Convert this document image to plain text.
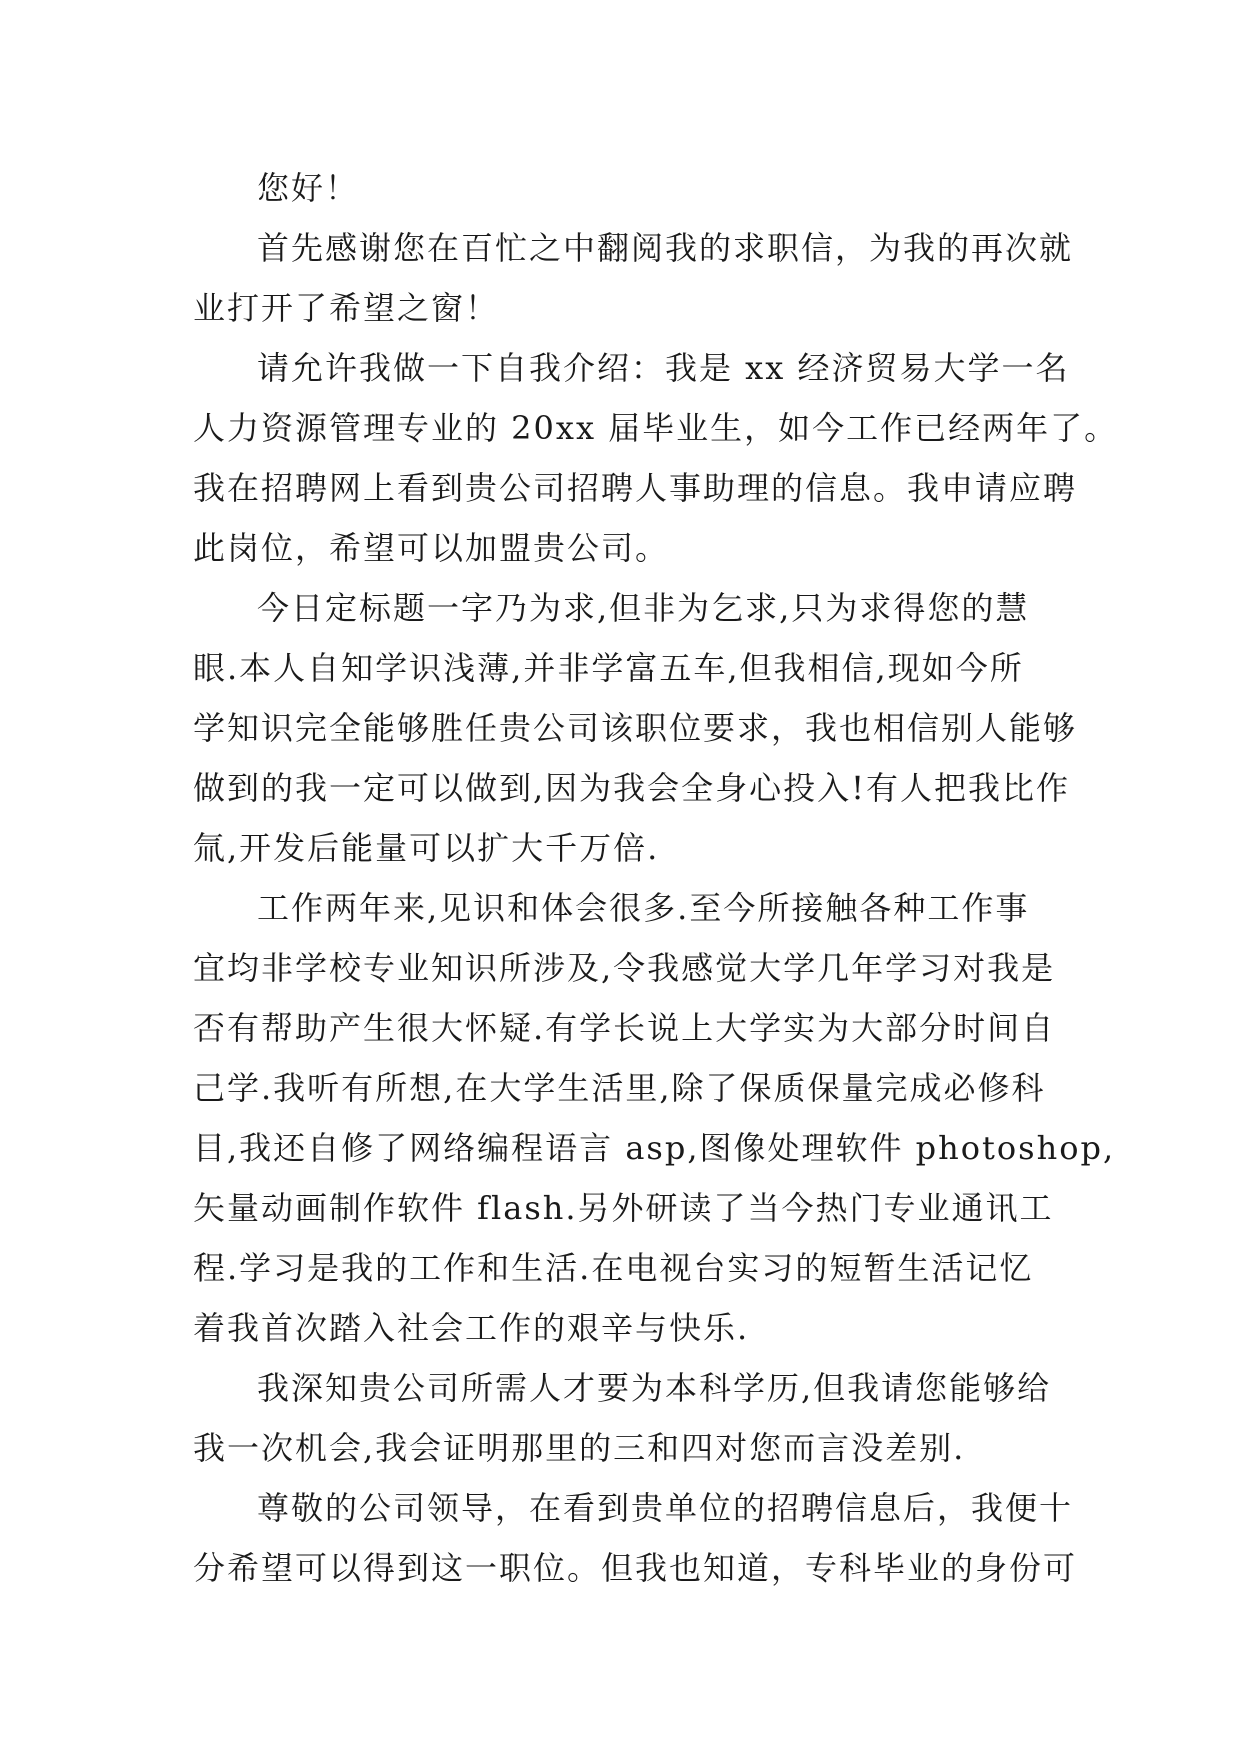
您好！
首先感谢您在百忙之中翻阅我的求职信，为我的再次就
业打开了希望之窗！
请允许我做一下自我介绍：我是 xx 经济贸易大学一名
人力资源管理专业的 20xx 届毕业生，如今工作已经两年了。
我在招聘网上看到贵公司招聘人事助理的信息。我申请应聘
此岗位，希望可以加盟贵公司。
今日定标题一字乃为求,但非为乞求,只为求得您的慧
眼.本人自知学识浅薄,并非学富五车,但我相信,现如今所
学知识完全能够胜任贵公司该职位要求，我也相信别人能够
做到的我一定可以做到,因为我会全身心投入!有人把我比作
氚,开发后能量可以扩大千万倍.
工作两年来,见识和体会很多.至今所接触各种工作事
宜均非学校专业知识所涉及,令我感觉大学几年学习对我是
否有帮助产生很大怀疑.有学长说上大学实为大部分时间自
己学.我听有所想,在大学生活里,除了保质保量完成必修科
目,我还自修了网络编程语言 asp,图像处理软件 photoshop,
矢量动画制作软件 flash.另外研读了当今热门专业通讯工
程.学习是我的工作和生活.在电视台实习的短暂生活记忆
着我首次踏入社会工作的艰辛与快乐.
我深知贵公司所需人才要为本科学历,但我请您能够给
我一次机会,我会证明那里的三和四对您而言没差别.
尊敬的公司领导，在看到贵单位的招聘信息后，我便十
分希望可以得到这一职位。但我也知道，专科毕业的身份可
